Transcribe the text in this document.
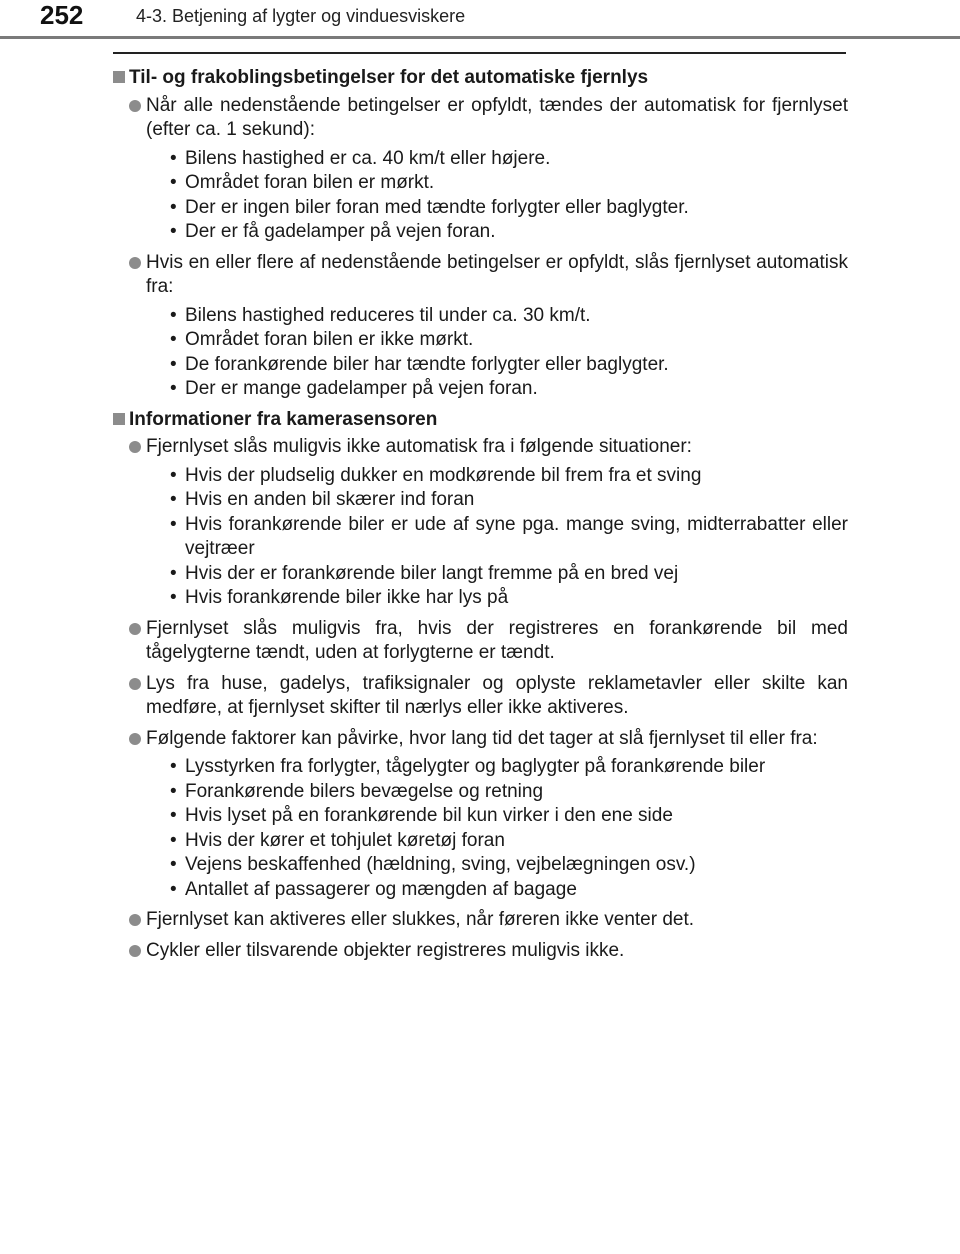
252	4-3. Betjening af lygter og vinduesviskere
Til- og frakoblingsbetingelser for det automatiske fjernlys
Når alle nedenstående betingelser er opfyldt, tændes der automatisk for fjernlyset (efter ca. 1 sekund):
• Bilens hastighed er ca. 40 km/t eller højere.
• Området foran bilen er mørkt.
• Der er ingen biler foran med tændte forlygter eller baglygter.
• Der er få gadelamper på vejen foran.
Hvis en eller flere af nedenstående betingelser er opfyldt, slås fjernlyset automatisk fra:
• Bilens hastighed reduceres til under ca. 30 km/t.
• Området foran bilen er ikke mørkt.
• De forankørende biler har tændte forlygter eller baglygter.
• Der er mange gadelamper på vejen foran.
Informationer fra kamerasensoren
Fjernlyset slås muligvis ikke automatisk fra i følgende situationer:
• Hvis der pludselig dukker en modkørende bil frem fra et sving
• Hvis en anden bil skærer ind foran
• Hvis forankørende biler er ude af syne pga. mange sving, midterrabatter eller vejtræer
• Hvis der er forankørende biler langt fremme på en bred vej
• Hvis forankørende biler ikke har lys på
Fjernlyset slås muligvis fra, hvis der registreres en forankørende bil med tågelygterne tændt, uden at forlygterne er tændt.
Lys fra huse, gadelys, trafiksignaler og oplyste reklametavler eller skilte kan medføre, at fjernlyset skifter til nærlys eller ikke aktiveres.
Følgende faktorer kan påvirke, hvor lang tid det tager at slå fjernlyset til eller fra:
• Lysstyrken fra forlygter, tågelygter og baglygter på forankørende biler
• Forankørende bilers bevægelse og retning
• Hvis lyset på en forankørende bil kun virker i den ene side
• Hvis der kører et tohjulet køretøj foran
• Vejens beskaffenhed (hældning, sving, vejbelægningen osv.)
• Antallet af passagerer og mængden af bagage
Fjernlyset kan aktiveres eller slukkes, når føreren ikke venter det.
Cykler eller tilsvarende objekter registreres muligvis ikke.
